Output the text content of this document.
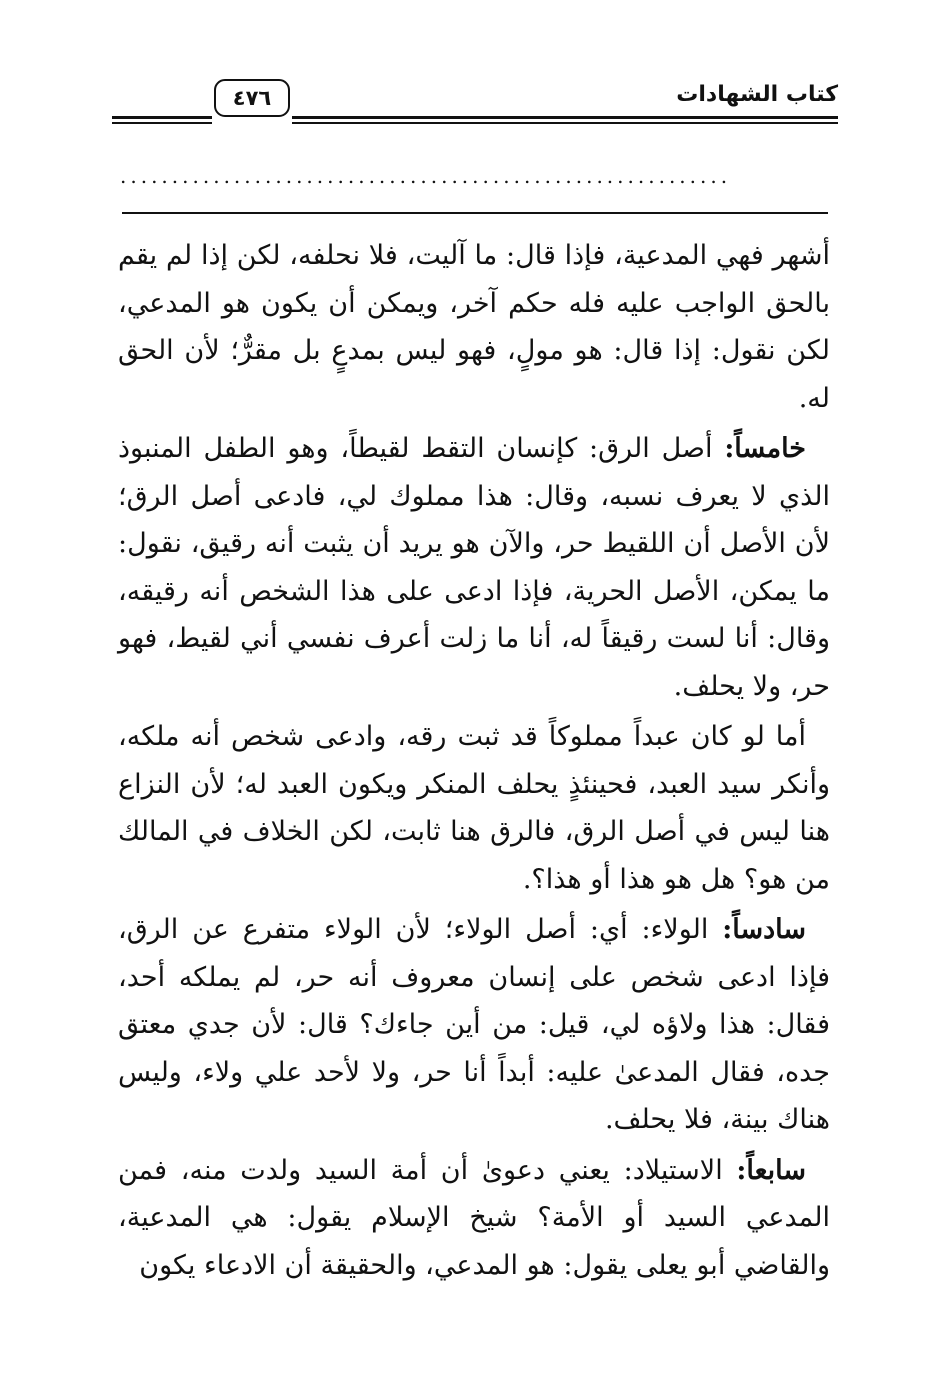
كتاب الشهادات
٤٧٦
...........................................................

أشهر فهي المدعية، فإذا قال: ما آليت، فلا نحلفه، لكن إذا لم يقم بالحق الواجب عليه فله حكم آخر، ويمكن أن يكون هو المدعي، لكن نقول: إذا قال: هو مولٍ، فهو ليس بمدعٍ بل مقرٌّ؛ لأن الحق له.

خامساً: أصل الرق: كإنسان التقط لقيطاً، وهو الطفل المنبوذ الذي لا يعرف نسبه، وقال: هذا مملوك لي، فادعى أصل الرق؛ لأن الأصل أن اللقيط حر، والآن هو يريد أن يثبت أنه رقيق، نقول: ما يمكن، الأصل الحرية، فإذا ادعى على هذا الشخص أنه رقيقه، وقال: أنا لست رقيقاً له، أنا ما زلت أعرف نفسي أني لقيط، فهو حر، ولا يحلف.

أما لو كان عبداً مملوكاً قد ثبت رقه، وادعى شخص أنه ملكه، وأنكر سيد العبد، فحينئذٍ يحلف المنكر ويكون العبد له؛ لأن النزاع هنا ليس في أصل الرق، فالرق هنا ثابت، لكن الخلاف في المالك من هو؟ هل هو هذا أو هذا؟.

سادساً: الولاء: أي: أصل الولاء؛ لأن الولاء متفرع عن الرق، فإذا ادعى شخص على إنسان معروف أنه حر، لم يملكه أحد، فقال: هذا ولاؤه لي، قيل: من أين جاءك؟ قال: لأن جدي معتق جده، فقال المدعىٰ عليه: أبداً أنا حر، ولا لأحد علي ولاء، وليس هناك بينة، فلا يحلف.

سابعاً: الاستيلاد: يعني دعوىٰ أن أمة السيد ولدت منه، فمن المدعي السيد أو الأمة؟ شيخ الإسلام يقول: هي المدعية، والقاضي أبو يعلى يقول: هو المدعي، والحقيقة أن الادعاء يكون
